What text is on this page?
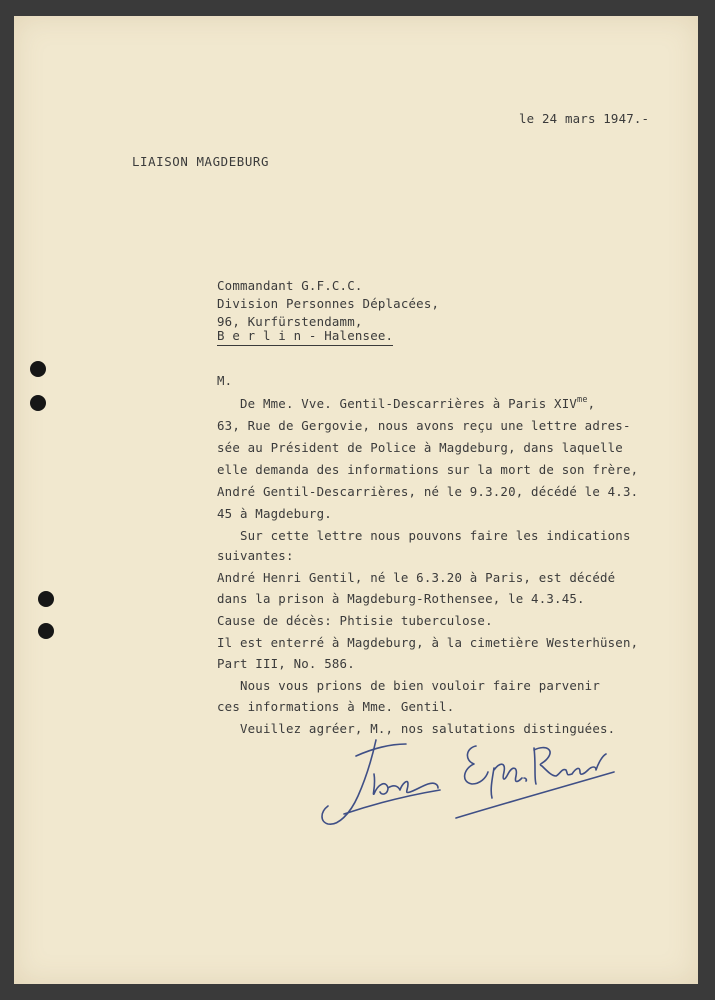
le 24 mars 1947.-
LIAISON MAGDEBURG
Commandant G.F.C.C.
Division Personnes Déplacées,
96, Kurfürstendamm,
B e r l i n - Halensee.
M.
De Mme. Vve. Gentil-Descarrières à Paris $XIV^{me}$,
63, Rue de Gergovie, nous avons reçu une lettre adres-
sée au Président de Police à Magdeburg, dans laquelle
elle demanda des informations sur la mort de son frère,
André Gentil-Descarrières, né le 9.3.20, décédé le 4.3.
45 à Magdeburg.
Sur cette lettre nous pouvons faire les indications
suivantes:
André Henri Gentil, né le 6.3.20 à Paris, est décédé
dans la prison à Magdeburg-Rothensee, le 4.3.45.
Cause de décès: Phtisie tuberculose.
Il est enterré à Magdeburg, à la cimetière Westerhüsen,
Part III, No. 586.
Nous vous prions de bien vouloir faire parvenir
ces informations à Mme. Gentil.
Veuillez agréer, M., nos salutations distinguées.
